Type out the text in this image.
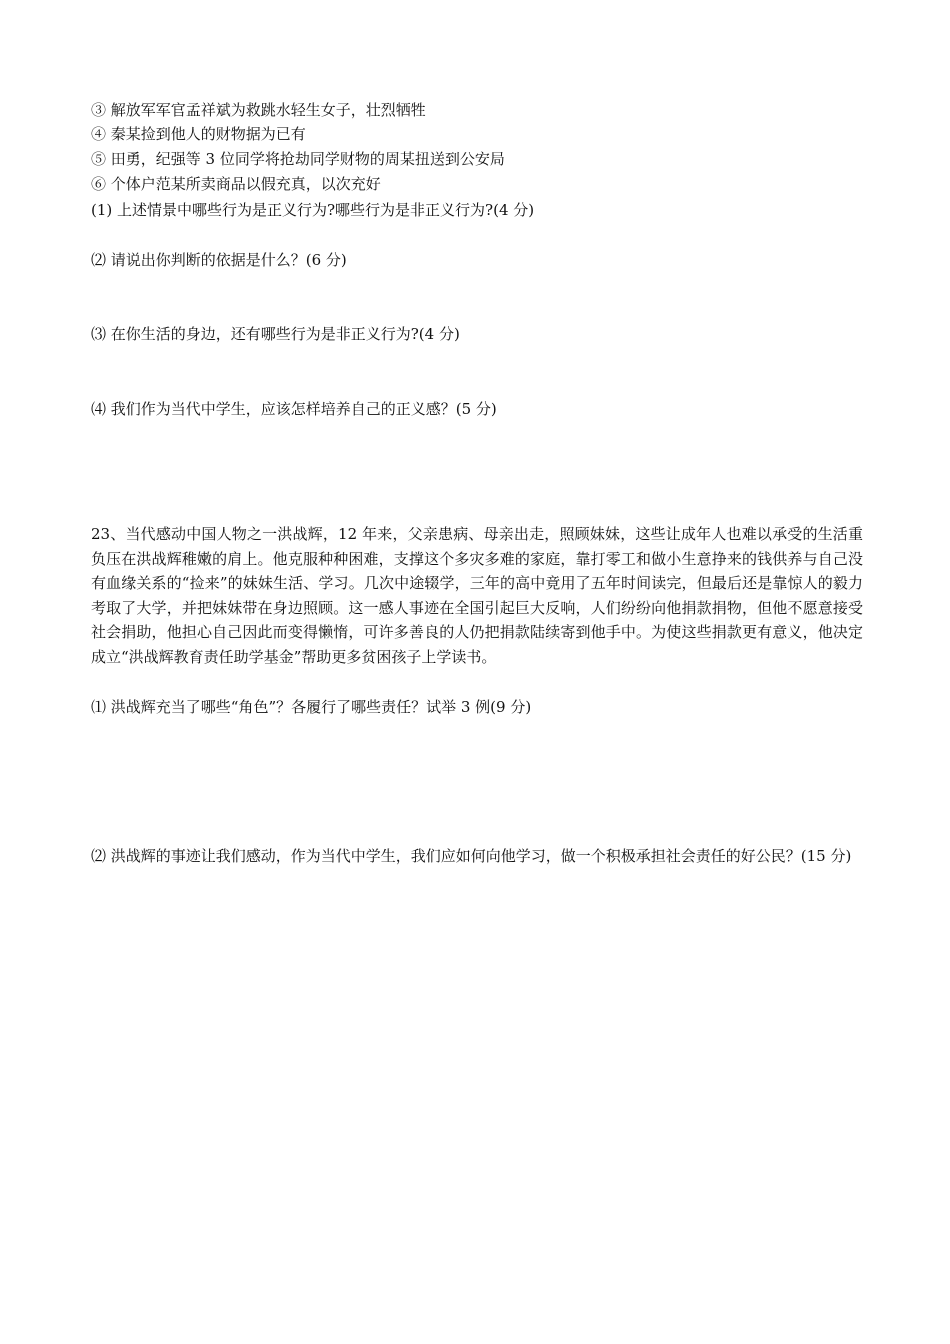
③ 解放军军官孟祥斌为救跳水轻生女子，壮烈牺牲
④ 秦某捡到他人的财物据为已有
⑤ 田勇，纪强等 3 位同学将抢劫同学财物的周某扭送到公安局
⑥ 个体户范某所卖商品以假充真，以次充好
(1) 上述情景中哪些行为是正义行为?哪些行为是非正义行为?(4 分)
⑵ 请说出你判断的依据是什么？(6 分)
⑶ 在你生活的身边，还有哪些行为是非正义行为?(4 分)
⑷ 我们作为当代中学生，应该怎样培养自己的正义感？(5 分)
23、当代感动中国人物之一洪战辉，12 年来，父亲患病、母亲出走，照顾妹妹，这些让成年人也难以承受的生活重负压在洪战辉稚嫩的肩上。他克服种种困难，支撑这个多灾多难的家庭，靠打零工和做小生意挣来的钱供养与自己没有血缘关系的“捡来”的妹妹生活、学习。几次中途辍学，三年的高中竟用了五年时间读完，但最后还是靠惊人的毅力考取了大学，并把妹妹带在身边照顾。这一感人事迹在全国引起巨大反响，人们纷纷向他捐款捐物，但他不愿意接受社会捐助，他担心自己因此而变得懒惰，可许多善良的人仍把捐款陆续寄到他手中。为使这些捐款更有意义，他决定成立“洪战辉教育责任助学基金”帮助更多贫困孩子上学读书。
⑴ 洪战辉充当了哪些“角色”？各履行了哪些责任？试举 3 例(9 分)
⑵ 洪战辉的事迹让我们感动，作为当代中学生，我们应如何向他学习，做一个积极承担社会责任的好公民？(15 分)
